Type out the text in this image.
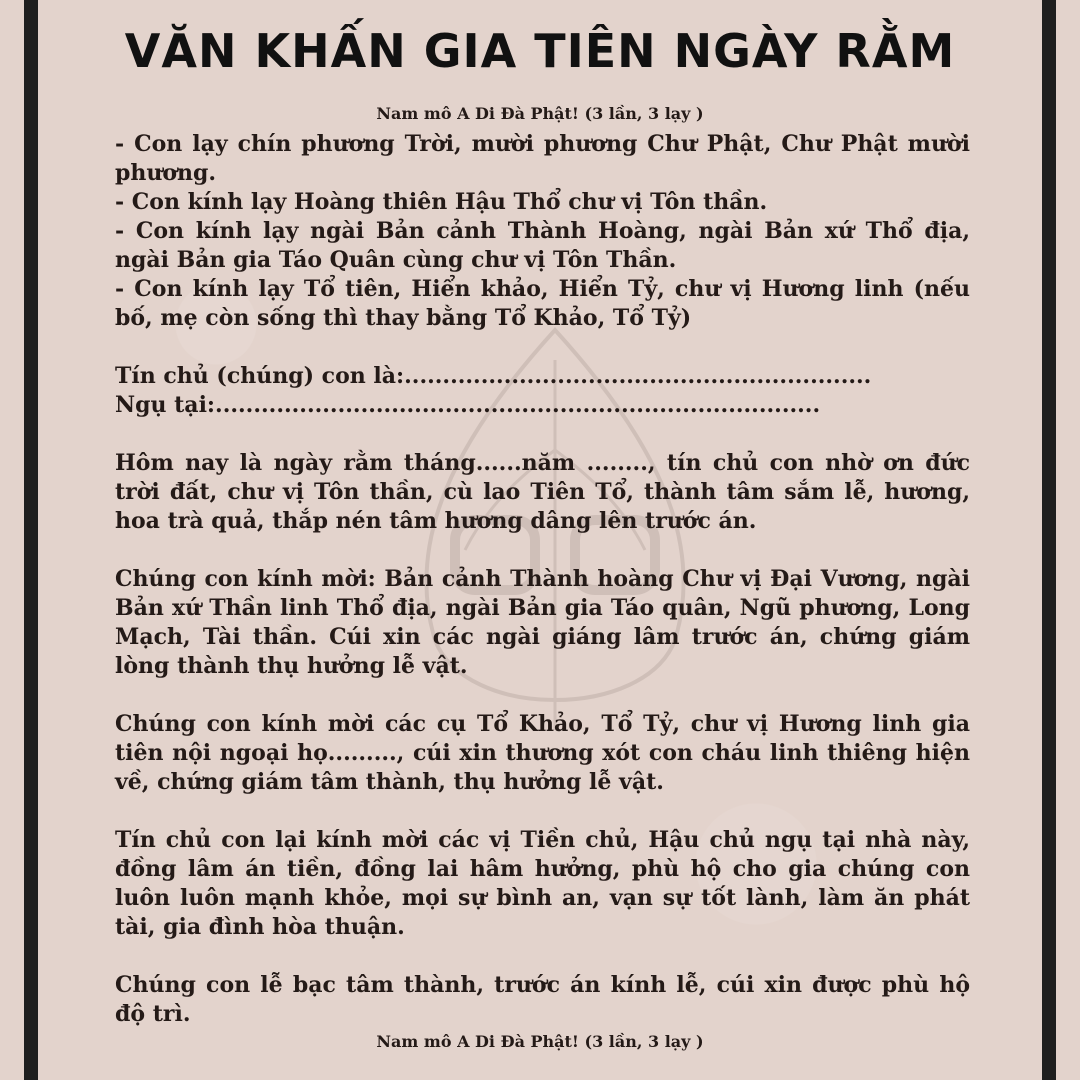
VĂN KHẤN GIA TIÊN NGÀY RẰM
Nam mô A Di Đà Phật! (3 lần, 3 lạy )

- Con lạy chín phương Trời, mười phương Chư Phật, Chư Phật mười phương.

- Con kính lạy Hoàng thiên Hậu Thổ chư vị Tôn thần.

- Con kính lạy ngài Bản cảnh Thành Hoàng, ngài Bản xứ Thổ địa, ngài Bản gia Táo Quân cùng chư vị Tôn Thần.

- Con kính lạy Tổ tiên, Hiển khảo, Hiển Tỷ, chư vị Hương linh (nếu bố, mẹ còn sống thì thay bằng Tổ Khảo, Tổ Tỷ)

Tín chủ (chúng) con là:.............................................................

Ngụ tại:...............................................................................

Hôm nay là ngày rằm tháng......năm ........, tín chủ con nhờ ơn đức trời đất, chư vị Tôn thần, cù lao Tiên Tổ, thành tâm sắm lễ, hương, hoa trà quả, thắp nén tâm hương dâng lên trước án.

Chúng con kính mời: Bản cảnh Thành hoàng Chư vị Đại Vương, ngài Bản xứ Thần linh Thổ địa, ngài Bản gia Táo quân, Ngũ phương, Long Mạch, Tài thần. Cúi xin các ngài giáng lâm trước án, chứng giám lòng thành thụ hưởng lễ vật.

Chúng con kính mời các cụ Tổ Khảo, Tổ Tỷ, chư vị Hương linh gia tiên nội ngoại họ........., cúi xin thương xót con cháu linh thiêng hiện về, chứng giám tâm thành, thụ hưởng lễ vật.

Tín chủ con lại kính mời các vị Tiền chủ, Hậu chủ ngụ tại nhà này, đồng lâm án tiền, đồng lai hâm hưởng, phù hộ cho gia chúng con luôn luôn mạnh khỏe, mọi sự bình an, vạn sự tốt lành, làm ăn phát tài, gia đình hòa thuận.

Chúng con lễ bạc tâm thành, trước án kính lễ, cúi xin được phù hộ độ trì.

Nam mô A Di Đà Phật! (3 lần, 3 lạy )
